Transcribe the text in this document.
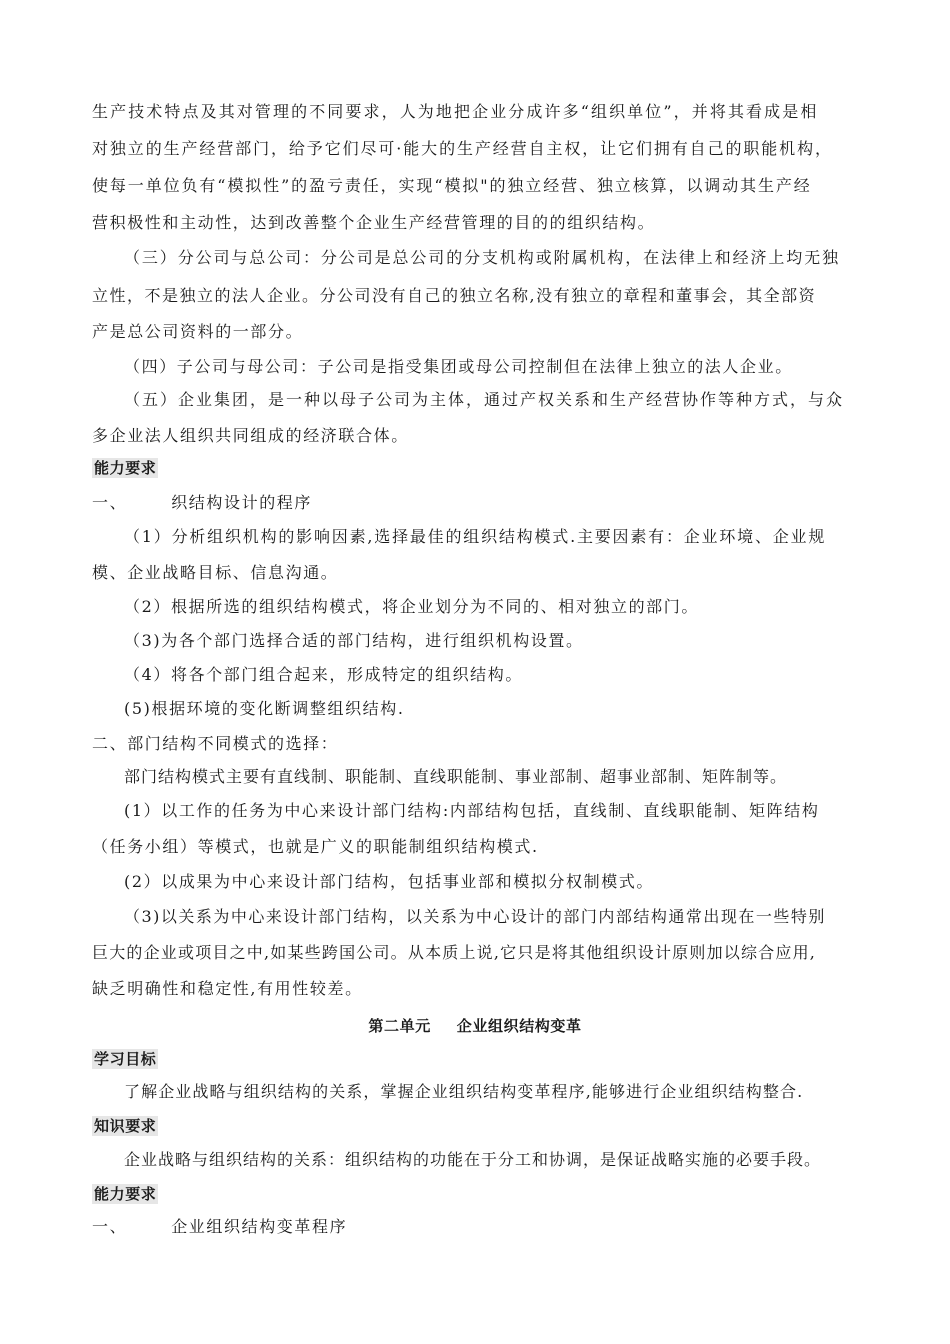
生产技术特点及其对管理的不同要求，人为地把企业分成许多“组织单位”，并将其看成是相
对独立的生产经营部门，给予它们尽可·能大的生产经营自主权，让它们拥有自己的职能机构，
使每一单位负有“模拟性”的盈亏责任，实现“模拟"的独立经营、独立核算，以调动其生产经
营积极性和主动性，达到改善整个企业生产经营管理的目的的组织结构。
（三）分公司与总公司：分公司是总公司的分支机构或附属机构，在法律上和经济上均无独
立性，不是独立的法人企业。分公司没有自己的独立名称,没有独立的章程和董事会，其全部资
产是总公司资料的一部分。
（四）子公司与母公司：子公司是指受集团或母公司控制但在法律上独立的法人企业。
（五）企业集团，是一种以母子公司为主体，通过产权关系和生产经营协作等种方式，与众
多企业法人组织共同组成的经济联合体。
能力要求
一、	织结构设计的程序
（1）分析组织机构的影响因素,选择最佳的组织结构模式.主要因素有：企业环境、企业规
模、企业战略目标、信息沟通。
（2）根据所选的组织结构模式，将企业划分为不同的、相对独立的部门。
（3)为各个部门选择合适的部门结构，进行组织机构设置。
（4）将各个部门组合起来，形成特定的组织结构。
(5)根据环境的变化断调整组织结构.
二、部门结构不同模式的选择：
部门结构模式主要有直线制、职能制、直线职能制、事业部制、超事业部制、矩阵制等。
(1）以工作的任务为中心来设计部门结构:内部结构包括，直线制、直线职能制、矩阵结构
（任务小组）等模式，也就是广义的职能制组织结构模式.
(2）以成果为中心来设计部门结构，包括事业部和模拟分权制模式。
（3)以关系为中心来设计部门结构，以关系为中心设计的部门内部结构通常出现在一些特别
巨大的企业或项目之中,如某些跨国公司。从本质上说,它只是将其他组织设计原则加以综合应用,
缺乏明确性和稳定性,有用性较差。
第二单元 企业组织结构变革
学习目标
了解企业战略与组织结构的关系，掌握企业组织结构变革程序,能够进行企业组织结构整合.
知识要求
企业战略与组织结构的关系：组织结构的功能在于分工和协调，是保证战略实施的必要手段。
能力要求
一、	企业组织结构变革程序
